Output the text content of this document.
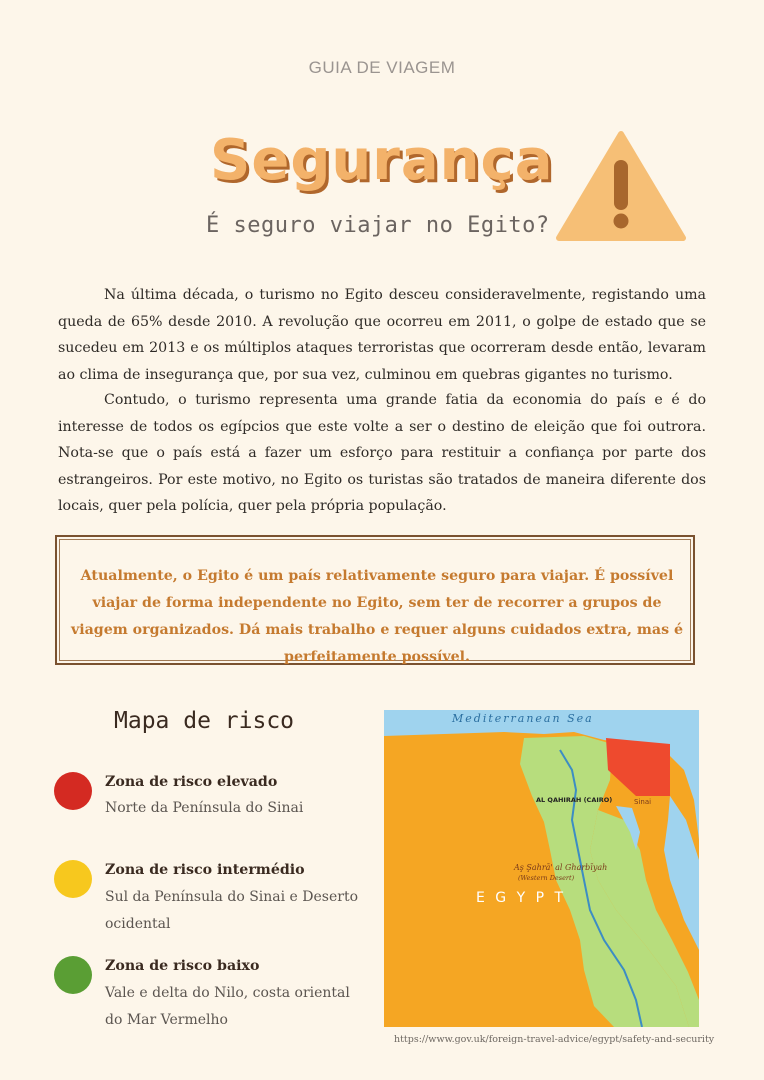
GUIA DE VIAGEM
Segurança
É seguro viajar no Egito?
Na última década, o turismo no Egito desceu consideravelmente, registando uma queda de 65% desde 2010. A revolução que ocorreu em 2011, o golpe de estado que se sucedeu em 2013 e os múltiplos ataques terroristas que ocorreram desde então, levaram ao clima de insegurança que, por sua vez, culminou em quebras gigantes no turismo.
Contudo, o turismo representa uma grande fatia da economia do país e é do interesse de todos os egípcios que este volte a ser o destino de eleição que foi outrora. Nota-se que o país está a fazer um esforço para restituir a confiança por parte dos estrangeiros. Por este motivo, no Egito os turistas são tratados de maneira diferente dos locais, quer pela polícia, quer pela própria população.
Atualmente, o Egito é um país relativamente seguro para viajar. É possível viajar de forma independente no Egito, sem ter de recorrer a grupos de viagem organizados. Dá mais trabalho e requer alguns cuidados extra, mas é perfeitamente possível.
Mapa de risco
Zona de risco elevado
Norte da Península do Sinai
Zona de risco intermédio
Sul da Península do Sinai e Deserto ocidental
Zona de risco baixo
Vale e delta do Nilo, costa oriental do Mar Vermelho
Mediterranean Sea
AL QAHIRAH (CAIRO)	Sinai
Aş Şahrā' al Gharbīyah
(Western Desert)
E G Y P T
https://www.gov.uk/foreign-travel-advice/egypt/safety-and-security
